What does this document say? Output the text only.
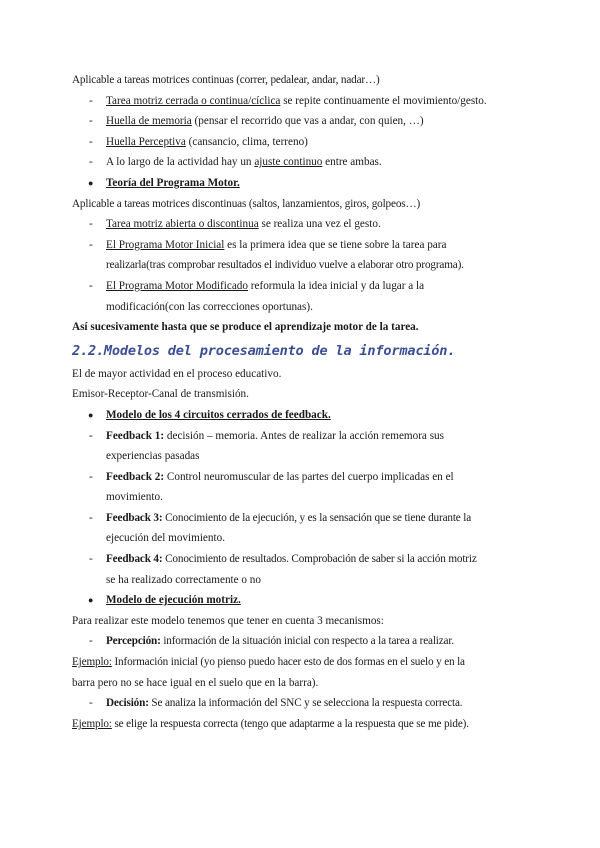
Aplicable a tareas motrices continuas (correr, pedalear, andar, nadar…)
- Tarea motriz cerrada o continua/cíclica se repite continuamente el movimiento/gesto.
- Huella de memoria (pensar el recorrido que vas a andar, con quien, …)
- Huella Perceptiva (cansancio, clima, terreno)
- A lo largo de la actividad hay un ajuste continuo entre ambas.
● Teoría del Programa Motor.
Aplicable a tareas motrices discontinuas (saltos, lanzamientos, giros, golpeos…)
- Tarea motriz abierta o discontinua se realiza una vez el gesto.
- El Programa Motor Inicial es la primera idea que se tiene sobre la tarea para
realizarla(tras comprobar resultados el individuo vuelve a elaborar otro programa).
- El Programa Motor Modificado reformula la idea inicial y da lugar a la
modificación(con las correcciones oportunas).
Así sucesivamente hasta que se produce el aprendizaje motor de la tarea.
2.2.Modelos del procesamiento de la información.
El de mayor actividad en el proceso educativo.
Emisor-Receptor-Canal de transmisión.
● Modelo de los 4 circuitos cerrados de feedback.
- Feedback 1: decisión – memoria. Antes de realizar la acción rememora sus
experiencias pasadas
- Feedback 2: Control neuromuscular de las partes del cuerpo implicadas en el
movimiento.
- Feedback 3: Conocimiento de la ejecución, y es la sensación que se tiene durante la
ejecución del movimiento.
- Feedback 4: Conocimiento de resultados. Comprobación de saber si la acción motriz
se ha realizado correctamente o no
● Modelo de ejecución motriz.
Para realizar este modelo tenemos que tener en cuenta 3 mecanismos:
- Percepción: información de la situación inicial con respecto a la tarea a realizar.
Ejemplo: Información inicial (yo pienso puedo hacer esto de dos formas en el suelo y en la
barra pero no se hace igual en el suelo que en la barra).
- Decisión: Se analiza la información del SNC y se selecciona la respuesta correcta.
Ejemplo: se elige la respuesta correcta (tengo que adaptarme a la respuesta que se me pide).
